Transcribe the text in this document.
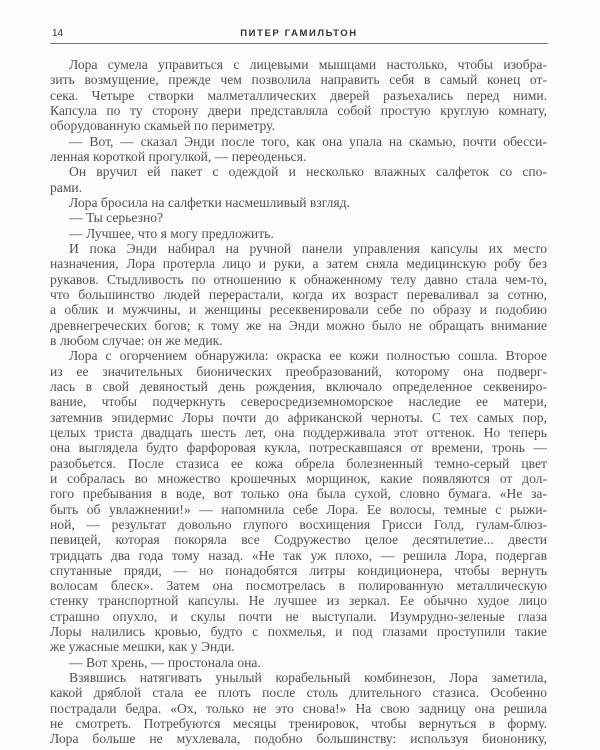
14	ПИТЕР ГАМИЛЬТОН
Лора сумела управиться с лицевыми мышцами настолько, чтобы изобра-
зить возмущение, прежде чем позволила направить себя в самый конец от-
сека. Четыре створки малметаллических дверей разъехались перед ними.
Капсула по ту сторону двери представляла собой простую круглую комнату,
оборудованную скамьей по периметру.
— Вот, — сказал Энди после того, как она упала на скамью, почти обесси-
ленная короткой прогулкой, — переоденься.
Он вручил ей пакет с одеждой и несколько влажных салфеток со спо-
рами.
Лора бросила на салфетки насмешливый взгляд.
— Ты серьезно?
— Лучшее, что я могу предложить.
И пока Энди набирал на ручной панели управления капсулы их место
назначения, Лора протерла лицо и руки, а затем сняла медицинскую робу без
рукавов. Стыдливость по отношению к обнаженному телу давно стала чем-то,
что большинство людей перерастали, когда их возраст переваливал за сотню,
а облик и мужчины, и женщины ресеквенировали себе по образу и подобию
древнегреческих богов; к тому же на Энди можно было не обращать внимание
в любом случае: он же медик.
Лора с огорчением обнаружила: окраска ее кожи полностью сошла. Второе
из ее значительных бионических преобразований, которому она подверг-
лась в свой девяностый день рождения, включало определенное секвениро-
вание, чтобы подчеркнуть северосредиземноморское наследие ее матери,
затемнив эпидермис Лоры почти до африканской черноты. С тех самых пор,
целых триста двадцать шесть лет, она поддерживала этот оттенок. Но теперь
она выглядела будто фарфоровая кукла, потрескавшаяся от времени, тронь —
разобьется. После стазиса ее кожа обрела болезненный темно-серый цвет
и собралась во множество крошечных морщинок, какие появляются от дол-
гого пребывания в воде, вот только она была сухой, словно бумага. «Не за-
быть об увлажнении!» — напомнила себе Лора. Ее волосы, темные с рыжи-
ной, — результат довольно глупого восхищения Грисси Голд, гулам-блюз-
певицей, которая покоряла все Содружество целое десятилетие... двести
тридцать два года тому назад. «Не так уж плохо, — решила Лора, подергав
спутанные пряди, — но понадобятся литры кондиционера, чтобы вернуть
волосам блеск». Затем она посмотрелась в полированную металлическую
стенку транспортной капсулы. Не лучшее из зеркал. Ее обычно худое лицо
страшно опухло, и скулы почти не выступали. Изумрудно-зеленые глаза
Лоры налились кровью, будто с похмелья, и под глазами проступили такие
же ужасные мешки, как у Энди.
— Вот хрень, — простонала она.
Взявшись натягивать унылый корабельный комбинезон, Лора заметила,
какой дряблой стала ее плоть после столь длительного стазиса. Особенно
пострадали бедра. «Ох, только не это снова!» На свою задницу она решила
не смотреть. Потребуются месяцы тренировок, чтобы вернуться в форму.
Лора больше не мухлевала, подобно большинству: используя биононику,
